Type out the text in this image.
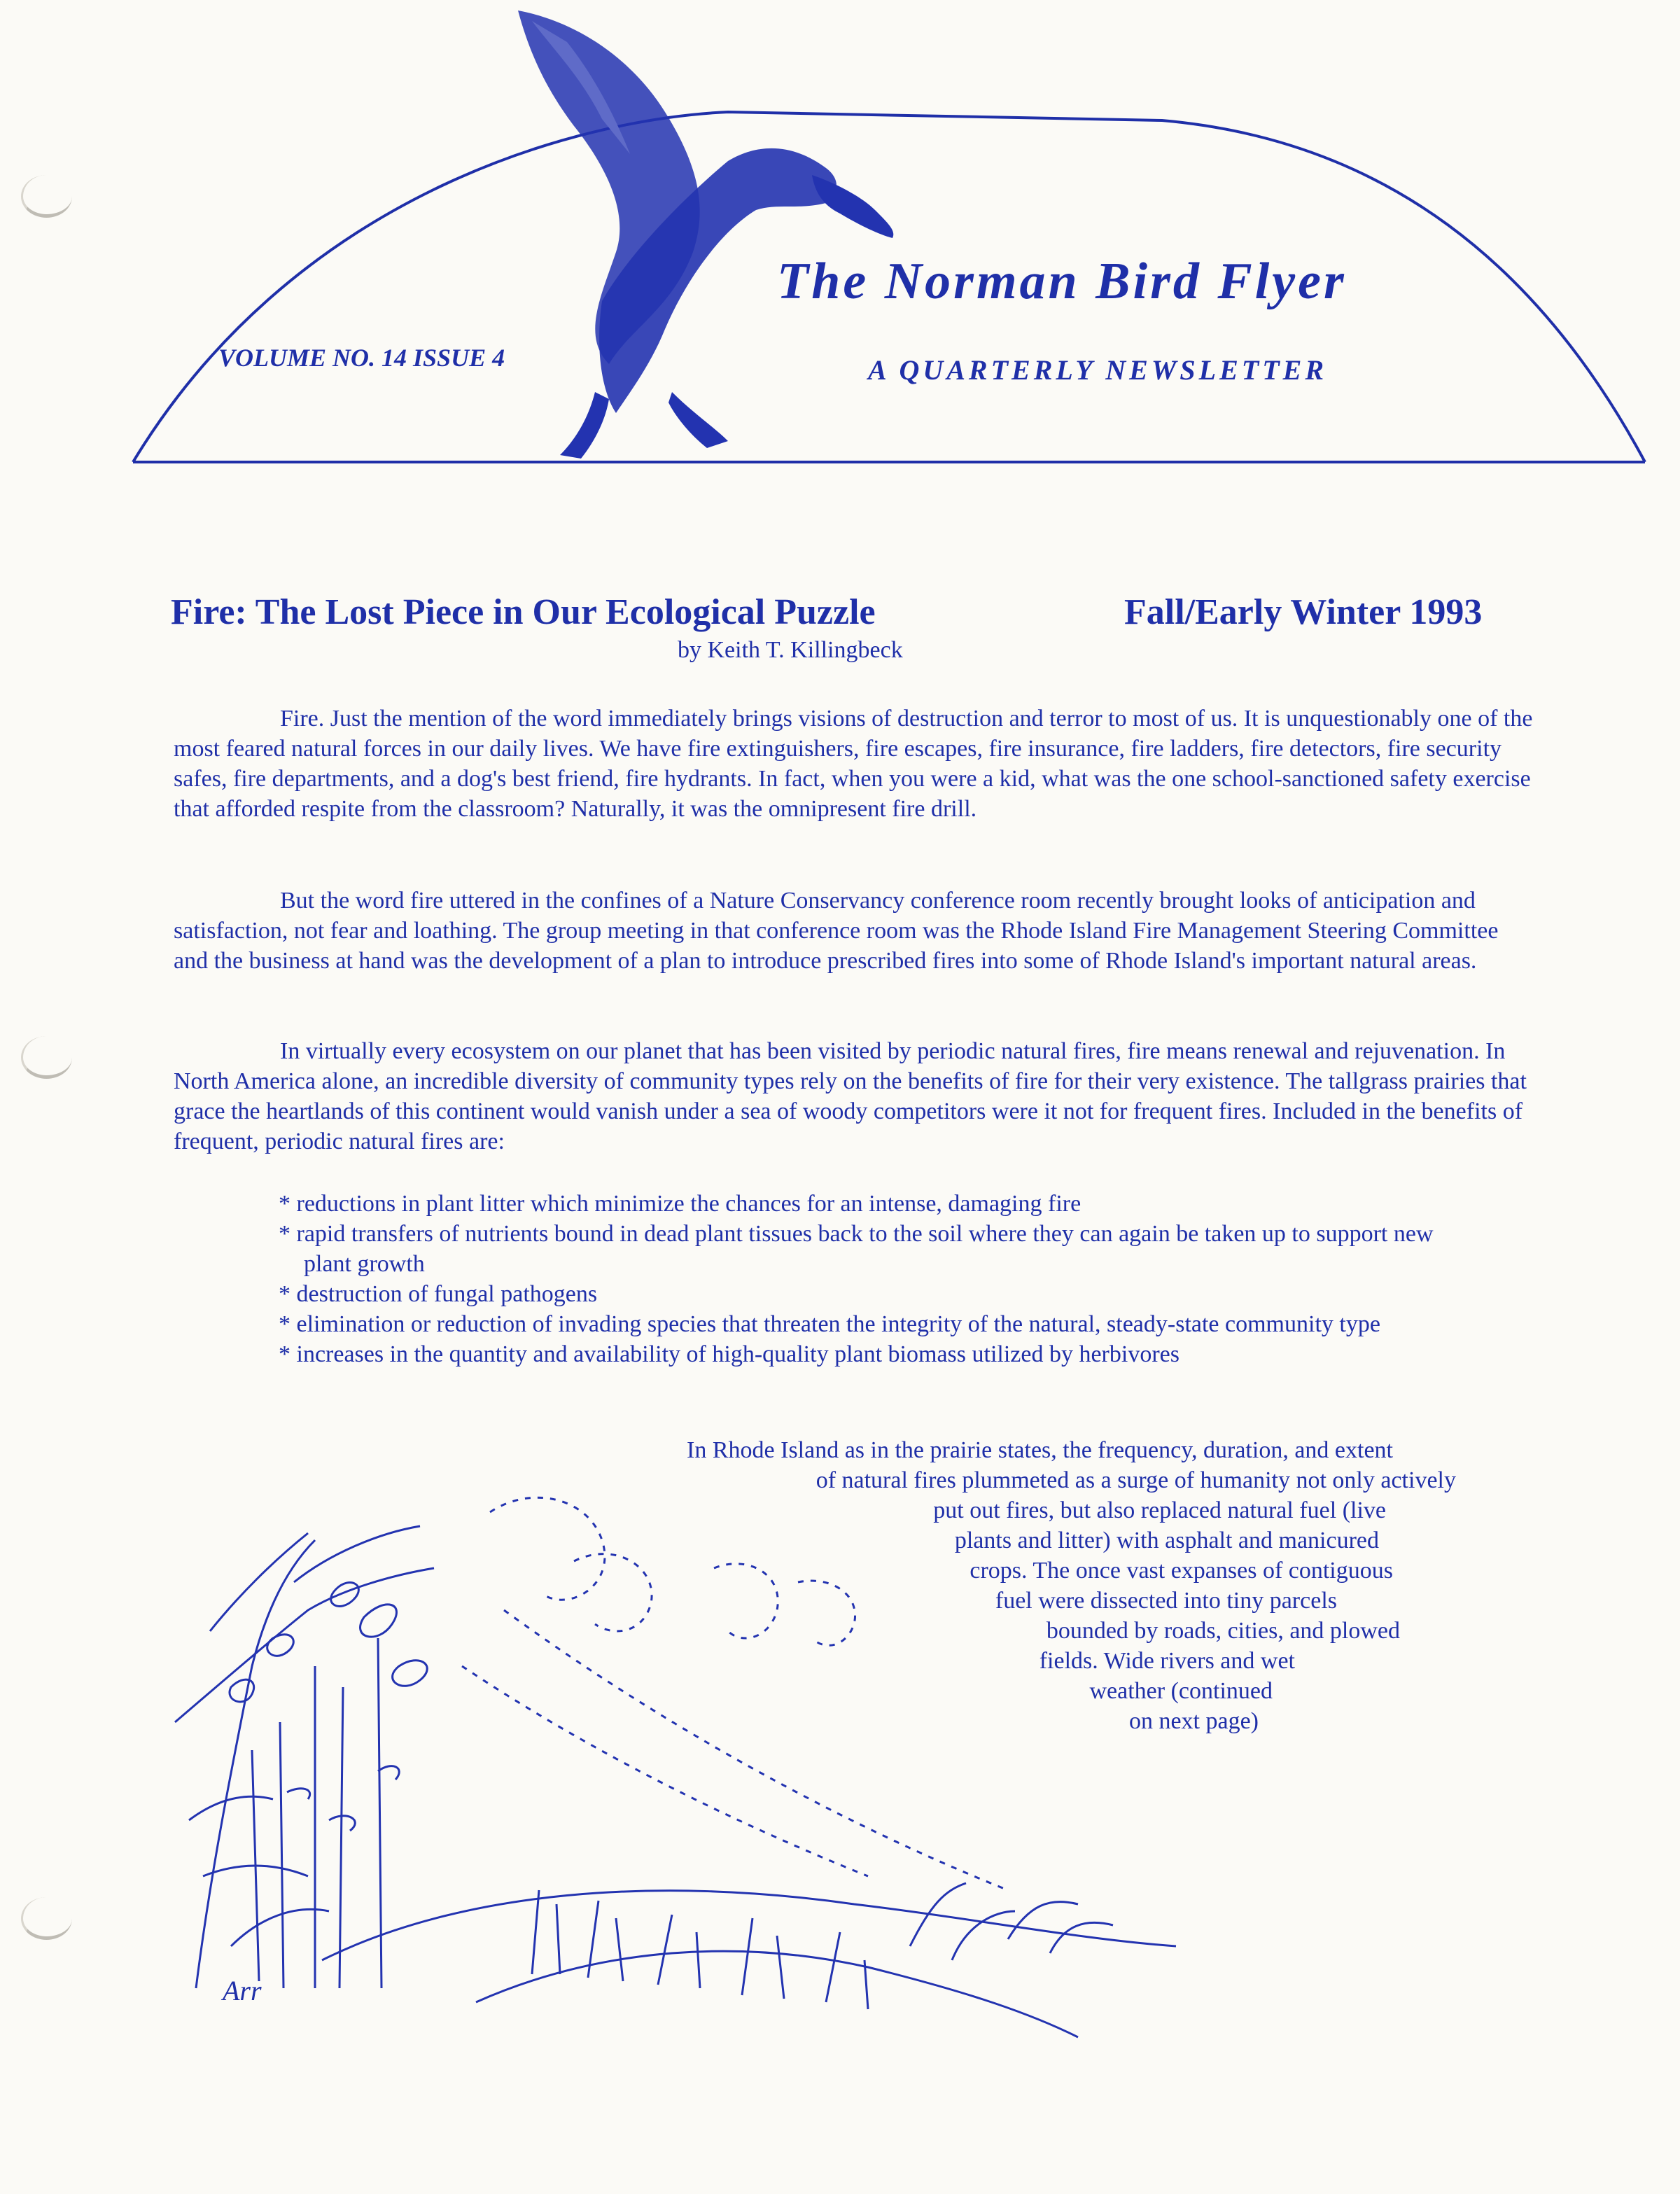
The Norman Bird Flyer
A QUARTERLY NEWSLETTER
VOLUME NO. 14 ISSUE 4
Fire: The Lost Piece in Our Ecological Puzzle	Fall/Early Winter 1993
by Keith T. Killingbeck

Fire. Just the mention of the word immediately brings visions of destruction and terror to most of us. It is unquestionably one of the most feared natural forces in our daily lives. We have fire extinguishers, fire escapes, fire insurance, fire ladders, fire detectors, fire security safes, fire departments, and a dog's best friend, fire hydrants. In fact, when you were a kid, what was the one school-sanctioned safety exercise that afforded respite from the classroom? Naturally, it was the omnipresent fire drill.

But the word fire uttered in the confines of a Nature Conservancy conference room recently brought looks of anticipation and satisfaction, not fear and loathing. The group meeting in that conference room was the Rhode Island Fire Management Steering Committee and the business at hand was the development of a plan to introduce prescribed fires into some of Rhode Island's important natural areas.

In virtually every ecosystem on our planet that has been visited by periodic natural fires, fire means renewal and rejuvenation. In North America alone, an incredible diversity of community types rely on the benefits of fire for their very existence. The tallgrass prairies that grace the heartlands of this continent would vanish under a sea of woody competitors were it not for frequent fires. Included in the benefits of frequent, periodic natural fires are:

* reductions in plant litter which minimize the chances for an intense, damaging fire
* rapid transfers of nutrients bound in dead plant tissues back to the soil where they can again be taken up to support new plant growth
* destruction of fungal pathogens
* elimination or reduction of invading species that threaten the integrity of the natural, steady-state community type
* increases in the quantity and availability of high-quality plant biomass utilized by herbivores
Arr
In Rhode Island as in the prairie states, the frequency, duration, and extent
of natural fires plummeted as a surge of humanity not only actively
put out fires, but also replaced natural fuel (live
plants and litter) with asphalt and manicured
crops. The once vast expanses of contiguous
fuel were dissected into tiny parcels
bounded by roads, cities, and plowed
fields. Wide rivers and wet
weather (continued
on next page)
